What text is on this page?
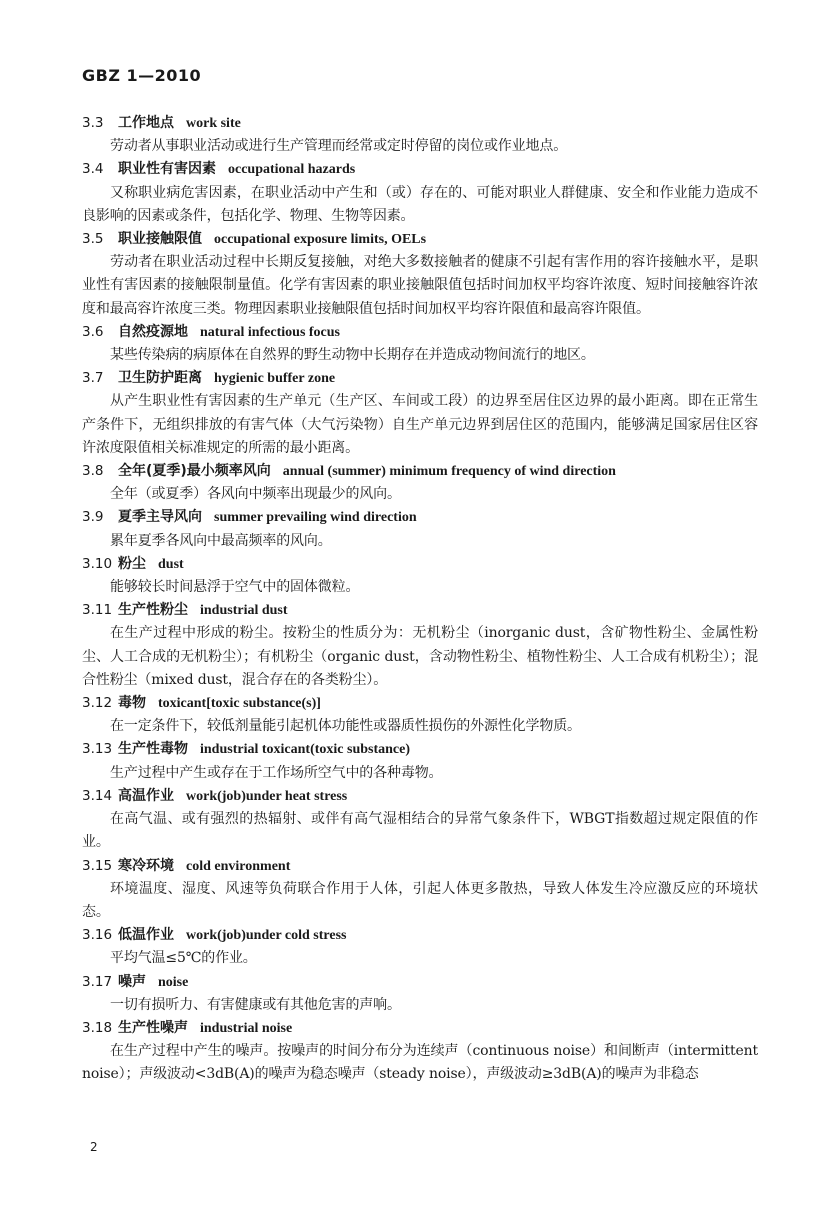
GBZ 1—2010
3.3 工作地点 work site

劳动者从事职业活动或进行生产管理而经常或定时停留的岗位或作业地点。

3.4 职业性有害因素 occupational hazards

又称职业病危害因素，在职业活动中产生和（或）存在的、可能对职业人群健康、安全和作业能力造成不良影响的因素或条件，包括化学、物理、生物等因素。

3.5 职业接触限值 occupational exposure limits, OELs

劳动者在职业活动过程中长期反复接触，对绝大多数接触者的健康不引起有害作用的容许接触水平，是职业性有害因素的接触限制量值。化学有害因素的职业接触限值包括时间加权平均容许浓度、短时间接触容许浓度和最高容许浓度三类。物理因素职业接触限值包括时间加权平均容许限值和最高容许限值。

3.6 自然疫源地 natural infectious focus

某些传染病的病原体在自然界的野生动物中长期存在并造成动物间流行的地区。

3.7 卫生防护距离 hygienic buffer zone

从产生职业性有害因素的生产单元（生产区、车间或工段）的边界至居住区边界的最小距离。即在正常生产条件下，无组织排放的有害气体（大气污染物）自生产单元边界到居住区的范围内，能够满足国家居住区容许浓度限值相关标准规定的所需的最小距离。

3.8 全年(夏季)最小频率风向 annual (summer) minimum frequency of wind direction

全年（或夏季）各风向中频率出现最少的风向。

3.9 夏季主导风向 summer prevailing wind direction

累年夏季各风向中最高频率的风向。

3.10 粉尘 dust

能够较长时间悬浮于空气中的固体微粒。

3.11 生产性粉尘 industrial dust

在生产过程中形成的粉尘。按粉尘的性质分为：无机粉尘（inorganic dust，含矿物性粉尘、金属性粉尘、人工合成的无机粉尘）；有机粉尘（organic dust，含动物性粉尘、植物性粉尘、人工合成有机粉尘）；混合性粉尘（mixed dust，混合存在的各类粉尘）。

3.12 毒物 toxicant[toxic substance(s)]

在一定条件下，较低剂量能引起机体功能性或器质性损伤的外源性化学物质。

3.13 生产性毒物 industrial toxicant(toxic substance)

生产过程中产生或存在于工作场所空气中的各种毒物。

3.14 高温作业 work(job)under heat stress

在高气温、或有强烈的热辐射、或伴有高气湿相结合的异常气象条件下，WBGT指数超过规定限值的作业。

3.15 寒冷环境 cold environment

环境温度、湿度、风速等负荷联合作用于人体，引起人体更多散热，导致人体发生冷应激反应的环境状态。

3.16 低温作业 work(job)under cold stress

平均气温≤5℃的作业。

3.17 噪声 noise

一切有损听力、有害健康或有其他危害的声响。

3.18 生产性噪声 industrial noise

在生产过程中产生的噪声。按噪声的时间分布分为连续声（continuous noise）和间断声（intermittent noise）；声级波动<3dB(A)的噪声为稳态噪声（steady noise），声级波动≥3dB(A)的噪声为非稳态

2
